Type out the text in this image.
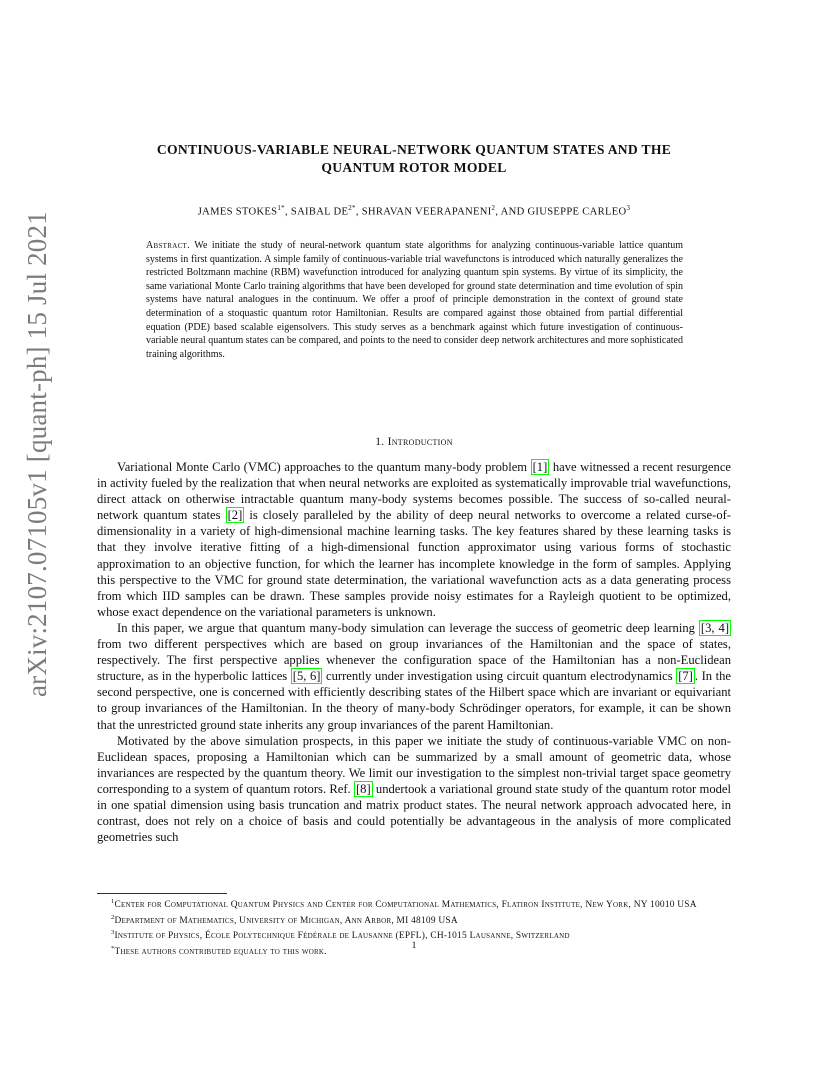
arXiv:2107.07105v1 [quant-ph] 15 Jul 2021
CONTINUOUS-VARIABLE NEURAL-NETWORK QUANTUM STATES AND THE
QUANTUM ROTOR MODEL
JAMES $STOKES^{1*}$, SAIBAL $DE^{2*}$, SHRAVAN VEERAPANENI$^2$, AND GIUSEPPE CARLEO$^3$

Abstract. We initiate the study of neural-network quantum state algorithms for analyzing continuous-variable lattice quantum systems in first quantization. A simple family of continuous-variable trial wavefunctons is introduced which naturally generalizes the restricted Boltzmann machine (RBM) wavefunction introduced for analyzing quantum spin systems. By virtue of its simplicity, the same variational Monte Carlo training algorithms that have been developed for ground state determination and time evolution of spin systems have natural analogues in the continuum. We offer a proof of principle demonstration in the context of ground state determination of a stoquastic quantum rotor Hamiltonian. Results are compared against those obtained from partial differential equation (PDE) based scalable eigensolvers. This study serves as a benchmark against which future investigation of continuous-variable neural quantum states can be compared, and points to the need to consider deep network architectures and more sophisticated training algorithms.

1. Introduction

Variational Monte Carlo (VMC) approaches to the quantum many-body problem [1] have witnessed a recent resurgence in activity fueled by the realization that when neural networks are exploited as systematically improvable trial wavefunctions, direct attack on otherwise intractable quantum many-body systems becomes possible. The success of so-called neural-network quantum states [2] is closely paralleled by the ability of deep neural networks to overcome a related curse-of-dimensionality in a variety of high-dimensional machine learning tasks. The key features shared by these learning tasks is that they involve iterative fitting of a high-dimensional function approximator using various forms of stochastic approximation to an objective function, for which the learner has incomplete knowledge in the form of samples. Applying this perspective to the VMC for ground state determination, the variational wavefunction acts as a data generating process from which IID samples can be drawn. These samples provide noisy estimates for a Rayleigh quotient to be optimized, whose exact dependence on the variational parameters is unknown.

In this paper, we argue that quantum many-body simulation can leverage the success of geometric deep learning [3, 4] from two different perspectives which are based on group invariances of the Hamiltonian and the space of states, respectively. The first perspective applies whenever the configuration space of the Hamiltonian has a non-Euclidean structure, as in the hyperbolic lattices [5, 6] currently under investigation using circuit quantum electrodynamics [7] . In the second perspective, one is concerned with efficiently describing states of the Hilbert space which are invariant or equivariant to group invariances of the Hamiltonian. In the theory of many-body Schrödinger operators, for example, it can be shown that the unrestricted ground state inherits any group invariances of the parent Hamiltonian.

Motivated by the above simulation prospects, in this paper we initiate the study of continuous-variable VMC on non-Euclidean spaces, proposing a Hamiltonian which can be summarized by a small amount of geometric data, whose invariances are respected by the quantum theory. We limit our investigation to the simplest non-trivial target space geometry corresponding to a system of quantum rotors. Ref. [8] undertook a variational ground state study of the quantum rotor model in one spatial dimension using basis truncation and matrix product states. The neural network approach advocated here, in contrast, does not rely on a choice of basis and could potentially be advantageous in the analysis of more complicated geometries such

$^1$Center for Computational Quantum Physics and Center for Computational Mathematics, Flatiron Institute, New York, NY 10010 USA

$^2$Department of Mathematics, University of Michigan, Ann Arbor, MI 48109 USA

$^3$Institute of Physics, École Polytechnique Fédérale de Lausanne (EPFL), CH-1015 Lausanne, Switzerland

*These authors contributed equally to this work.

1
